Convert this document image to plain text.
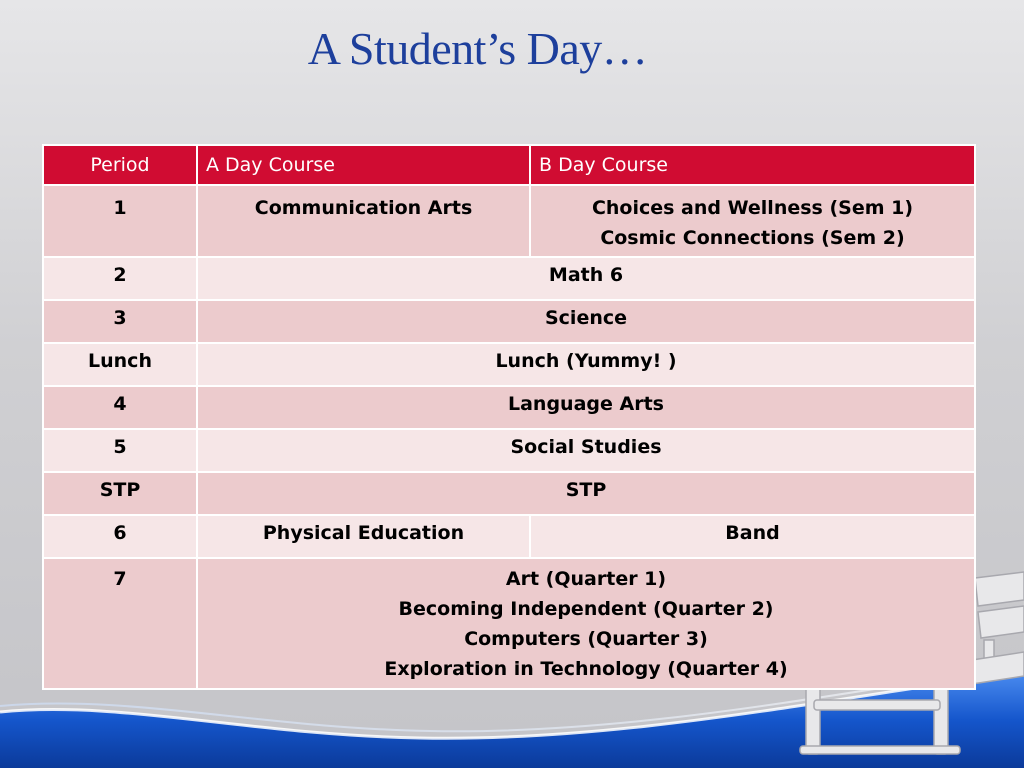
A Student’s Day…
Period	A Day Course	B Day Course
1	Communication Arts	Choices and Wellness (Sem 1)
Cosmic Connections (Sem 2)

2	Math 6	
3	Science	
Lunch	Lunch (Yummy! )	
4	Language Arts	
5	Social Studies	
STP	STP	
6	Physical Education	Band
7	Art (Quarter 1)
Becoming Independent (Quarter 2)
Computers (Quarter 3)
Exploration in Technology (Quarter 4)	
